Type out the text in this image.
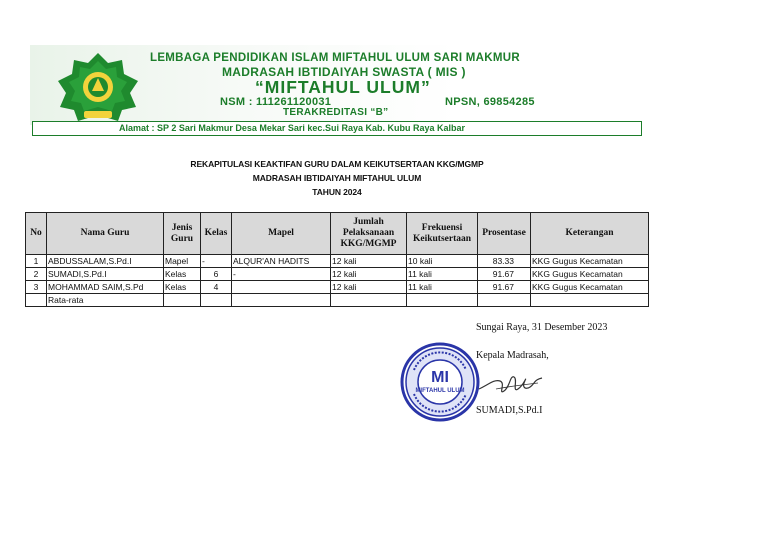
LEMBAGA PENDIDIKAN ISLAM MIFTAHUL ULUM SARI MAKMUR
MADRASAH IBTIDAIYAH SWASTA ( MIS )
“MIFTAHUL ULUM”
NSM : 111261120031	NPSN, 69854285
TERAKREDITASI “B”
Alamat : SP 2 Sari Makmur Desa Mekar Sari kec.Sui Raya Kab. Kubu Raya Kalbar
REKAPITULASI KEAKTIFAN GURU DALAM KEIKUTSERTAAN KKG/MGMP
MADRASAH IBTIDAIYAH MIFTAHUL ULUM
TAHUN 2024
No	Nama Guru	Jenis Guru	Kelas	Mapel	Jumlah Pelaksanaan KKG/MGMP	Frekuensi Keikutsertaan	Prosentase	Keterangan
1	ABDUSSALAM,S.Pd.I	Mapel	-	ALQUR'AN HADITS	12 kali	10 kali	83.33	KKG Gugus Kecamatan
2	SUMADI,S.Pd.I	Kelas	6	-	12 kali	11 kali	91.67	KKG Gugus Kecamatan
3	MOHAMMAD SAIM,S.Pd	Kelas	4		12 kali	11 kali	91.67	KKG Gugus Kecamatan
	Rata-rata							
Sungai Raya, 31 Desember 2023
Kepala Madrasah,
MI
MIFTAHUL ULUM
SUMADI,S.Pd.I
